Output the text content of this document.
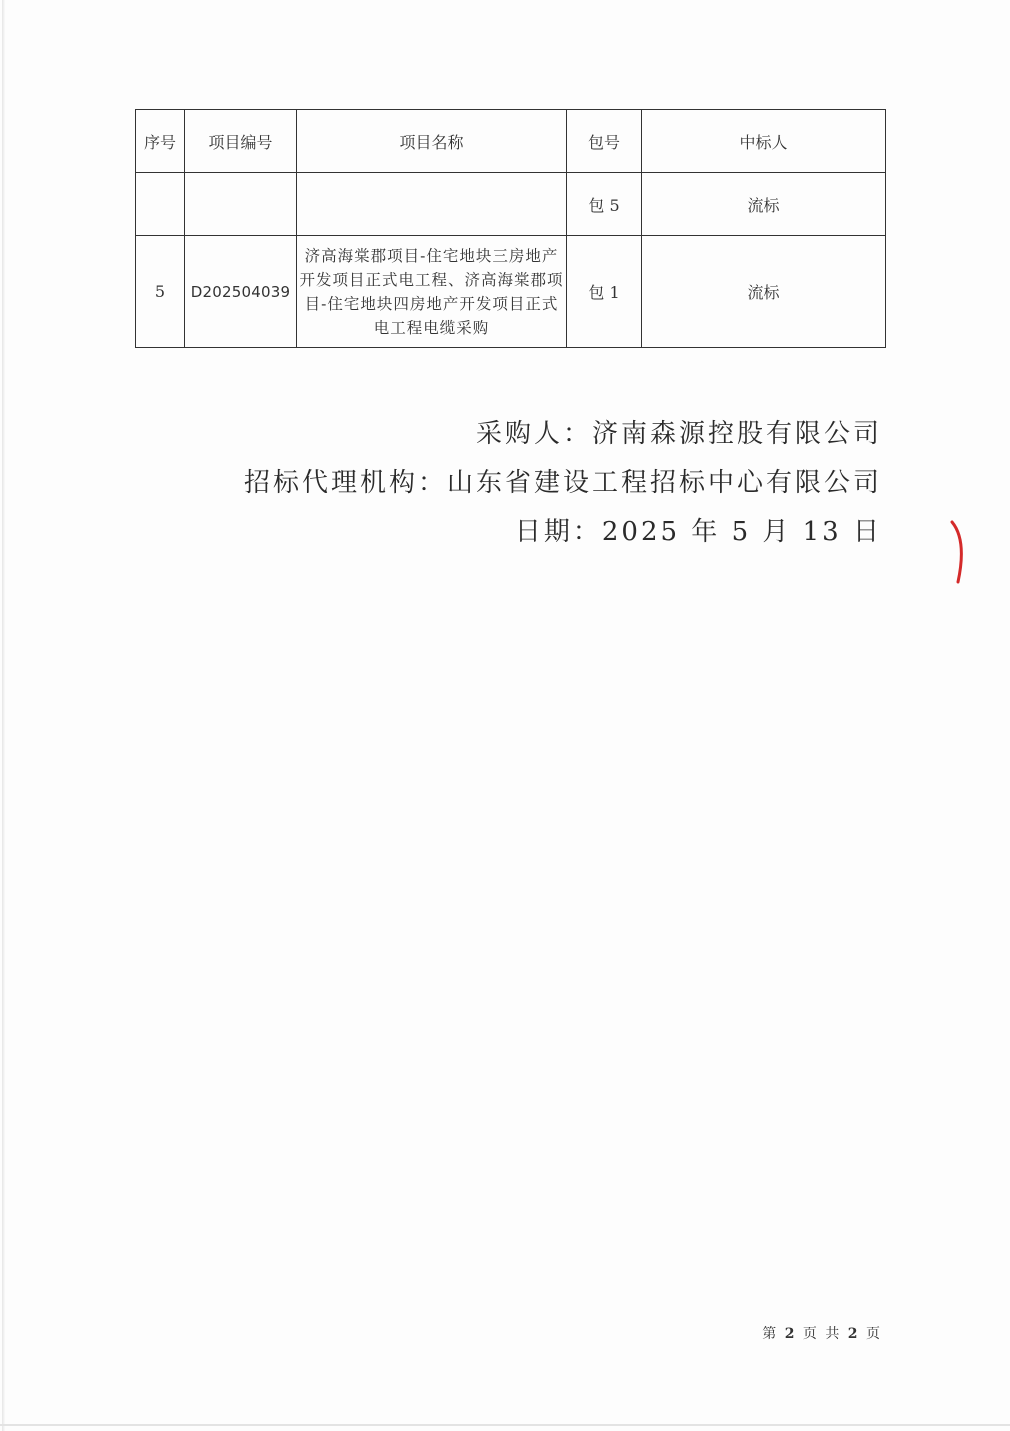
序号	项目编号	项目名称	包号	中标人
			包 5	流标
5	D202504039	济高海棠郡项目-住宅地块三房地产开发项目正式电工程、济高海棠郡项目-住宅地块四房地产开发项目正式电工程电缆采购	包 1	流标
采购人：济南森源控股有限公司
招标代理机构：山东省建设工程招标中心有限公司
日期：2025 年 5 月 13 日
第 2 页 共 2 页
